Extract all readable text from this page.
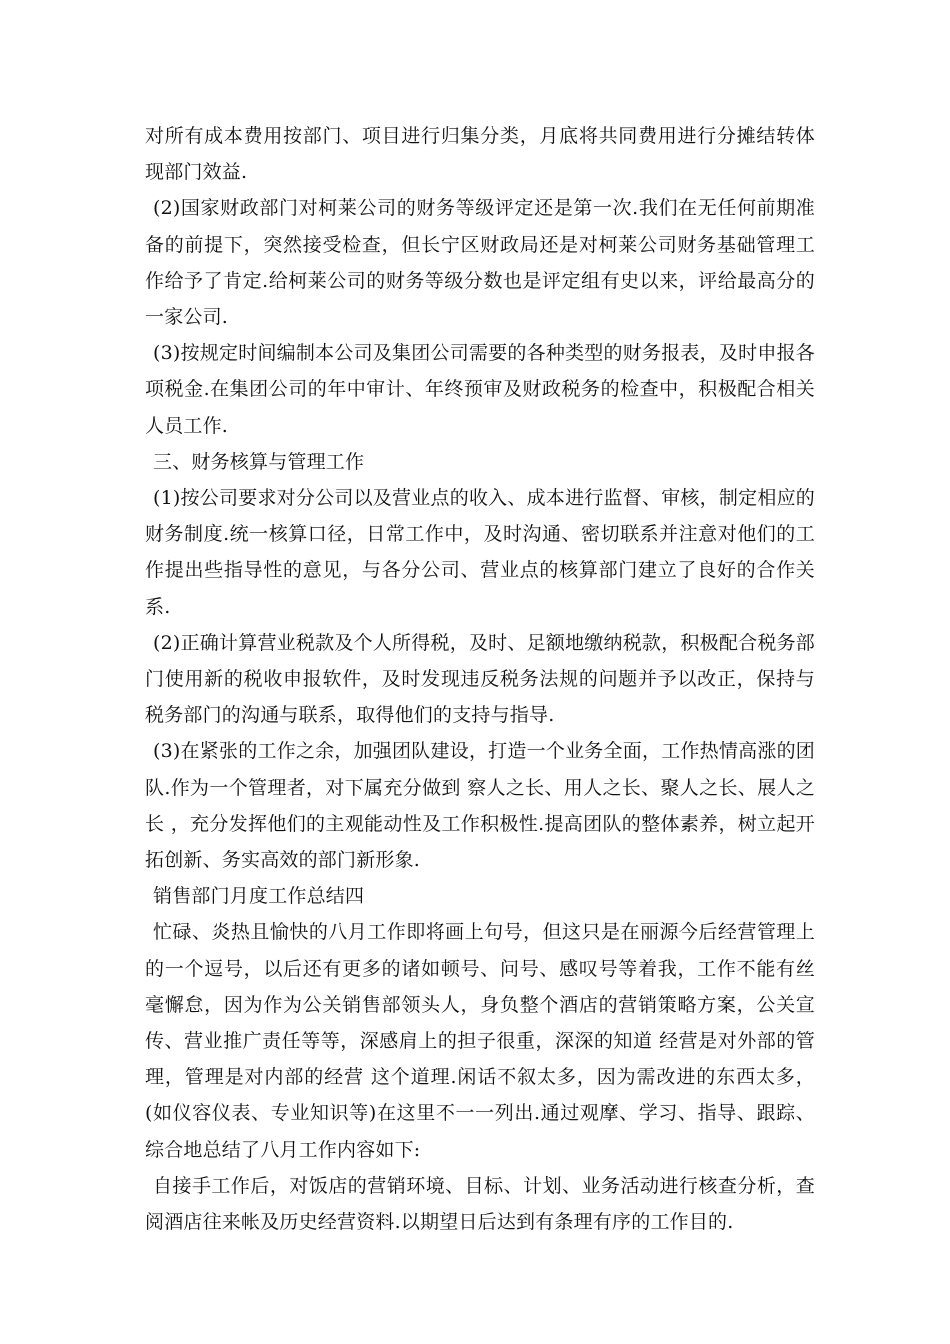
对所有成本费用按部门、项目进行归集分类，月底将共同费用进行分摊结转体现部门效益.

(2)国家财政部门对柯莱公司的财务等级评定还是第一次.我们在无任何前期准备的前提下，突然接受检查，但长宁区财政局还是对柯莱公司财务基础管理工作给予了肯定.给柯莱公司的财务等级分数也是评定组有史以来，评给最高分的一家公司.

(3)按规定时间编制本公司及集团公司需要的各种类型的财务报表，及时申报各项税金.在集团公司的年中审计、年终预审及财政税务的检查中，积极配合相关人员工作.

三、财务核算与管理工作

(1)按公司要求对分公司以及营业点的收入、成本进行监督、审核，制定相应的财务制度.统一核算口径，日常工作中，及时沟通、密切联系并注意对他们的工作提出些指导性的意见，与各分公司、营业点的核算部门建立了良好的合作关系.

(2)正确计算营业税款及个人所得税，及时、足额地缴纳税款，积极配合税务部门使用新的税收申报软件，及时发现违反税务法规的问题并予以改正，保持与税务部门的沟通与联系，取得他们的支持与指导.

(3)在紧张的工作之余，加强团队建设，打造一个业务全面，工作热情高涨的团队.作为一个管理者，对下属充分做到 察人之长、用人之长、聚人之长、展人之长 ，充分发挥他们的主观能动性及工作积极性.提高团队的整体素养，树立起开拓创新、务实高效的部门新形象.

销售部门月度工作总结四

忙碌、炎热且愉快的八月工作即将画上句号，但这只是在丽源今后经营管理上的一个逗号，以后还有更多的诸如顿号、问号、感叹号等着我，工作不能有丝毫懈怠，因为作为公关销售部领头人，身负整个酒店的营销策略方案，公关宣传、营业推广责任等等，深感肩上的担子很重，深深的知道 经营是对外部的管理，管理是对内部的经营 这个道理.闲话不叙太多，因为需改进的东西太多，(如仪容仪表、专业知识等)在这里不一一列出.通过观摩、学习、指导、跟踪、综合地总结了八月工作内容如下:

自接手工作后，对饭店的营销环境、目标、计划、业务活动进行核查分析，查阅酒店往来帐及历史经营资料.以期望日后达到有条理有序的工作目的.
